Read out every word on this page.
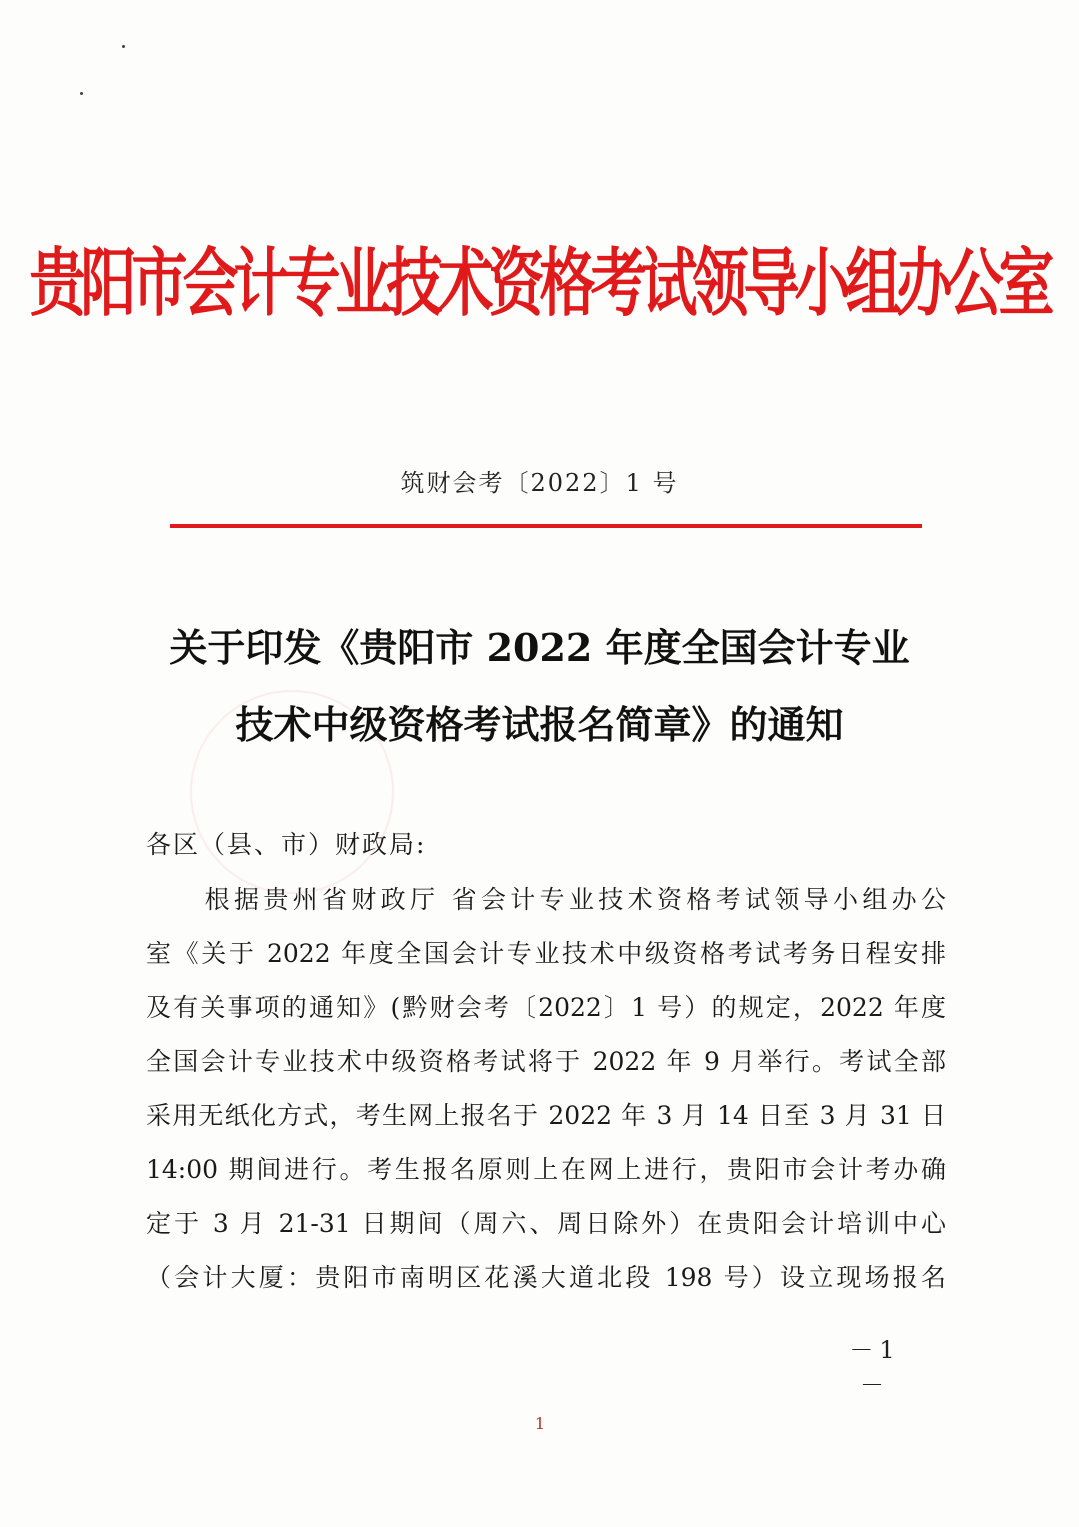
贵阳市会计专业技术资格考试领导小组办公室
筑财会考〔2022〕1 号
关于印发《贵阳市 2022 年度全国会计专业
技术中级资格考试报名简章》的通知
各区（县、市）财政局:
　　根据贵州省财政厅 省会计专业技术资格考试领导小组办公
室《关于 2022 年度全国会计专业技术中级资格考试考务日程安排
及有关事项的通知》(黔财会考〔2022〕1 号）的规定，2022 年度
全国会计专业技术中级资格考试将于 2022 年 9 月举行。考试全部
采用无纸化方式，考生网上报名于 2022 年 3 月 14 日至 3 月 31 日
14:00 期间进行。考生报名原则上在网上进行，贵阳市会计考办确
定于 3 月 21-31 日期间（周六、周日除外）在贵阳会计培训中心
（会计大厦：贵阳市南明区花溪大道北段 198 号）设立现场报名
－1－
1
